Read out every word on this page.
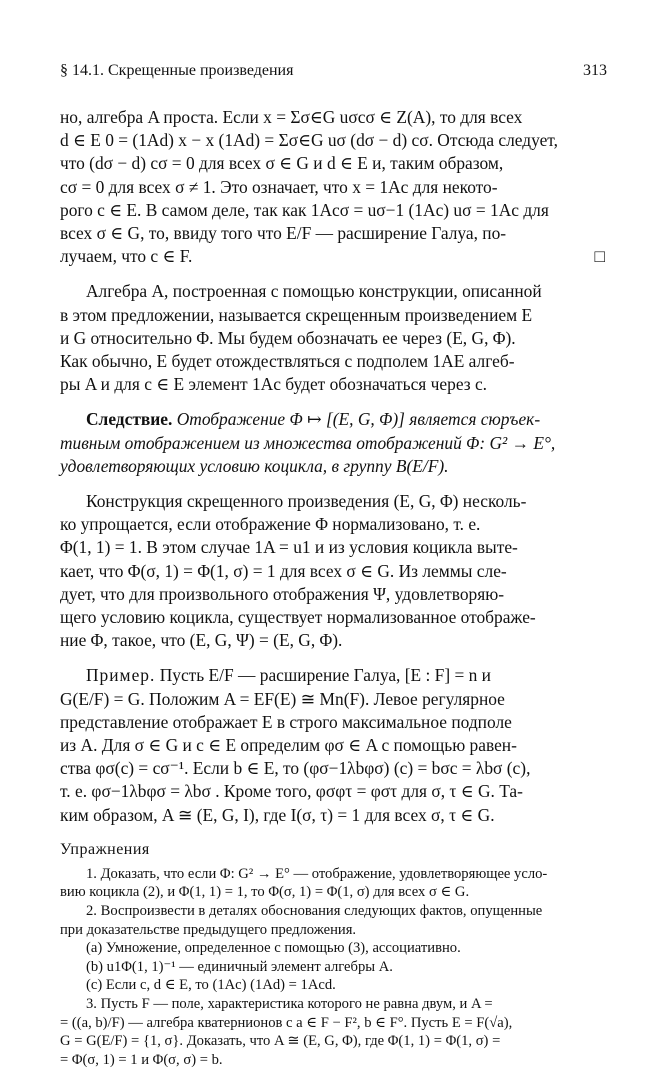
§ 14.1. Скрещенные произведения	313

но, алгебра A проста. Если x = Σσ∈G uσcσ ∈ Z(A), то для всех
d ∈ E 0 = (1Ad) x − x (1Ad) = Σσ∈G uσ (dσ − d) cσ. Отсюда следует,
что (dσ − d) cσ = 0 для всех σ ∈ G и d ∈ E и, таким образом,
cσ = 0 для всех σ ≠ 1. Это означает, что x = 1Ac для некото-
рого c ∈ E. В самом деле, так как 1Acσ = uσ−1 (1Ac) uσ = 1Ac для
всех σ ∈ G, то, ввиду того что E/F — расширение Галуа, по-
лучаем, что c ∈ F.	□

Алгебра A, построенная с помощью конструкции, описанной
в этом предложении, называется скрещенным произведением E
и G относительно Φ. Мы будем обозначать ее через (E, G, Φ).
Как обычно, E будет отождествляться с подполем 1AE алгеб-
ры A и для c ∈ E элемент 1Ac будет обозначаться через c.

Следствие. Отображение Φ ↦ [(E, G, Φ)] является сюръек-
тивным отображением из множества отображений Φ: G² → E°,
удовлетворяющих условию коцикла, в группу B(E/F).

Конструкция скрещенного произведения (E, G, Φ) несколь-
ко упрощается, если отображение Φ нормализовано, т. е.
Φ(1, 1) = 1. В этом случае 1A = u1 и из условия коцикла выте-
кает, что Φ(σ, 1) = Φ(1, σ) = 1 для всех σ ∈ G. Из леммы сле-
дует, что для произвольного отображения Ψ, удовлетворяю-
щего условию коцикла, существует нормализованное отображе-
ние Φ, такое, что (E, G, Ψ) = (E, G, Φ).

Пример. Пусть E/F — расширение Галуа, [E : F] = n и
G(E/F) = G. Положим A = EF(E) ≅ Mn(F). Левое регулярное
представление отображает E в строго максимальное подполе
из A. Для σ ∈ G и c ∈ E определим φσ ∈ A с помощью равен-
ства φσ(c) = cσ⁻¹. Если b ∈ E, то (φσ−1λbφσ) (c) = bσc = λbσ (c),
т. е. φσ−1λbφσ = λbσ . Кроме того, φσφτ = φστ для σ, τ ∈ G. Та-
ким образом, A ≅ (E, G, I), где I(σ, τ) = 1 для всех σ, τ ∈ G.

Упражнения

1. Доказать, что если Φ: G² → E° — отображение, удовлетворяющее усло-

вию коцикла (2), и Φ(1, 1) = 1, то Φ(σ, 1) = Φ(1, σ) для всех σ ∈ G.

2. Воспроизвести в деталях обоснования следующих фактов, опущенные

при доказательстве предыдущего предложения.

(a) Умножение, определенное с помощью (3), ассоциативно.

(b) u1Φ(1, 1)⁻¹ — единичный элемент алгебры A.

(c) Если c, d ∈ E, то (1Ac) (1Ad) = 1Acd.

3. Пусть F — поле, характеристика которого не равна двум, и A =

= ((a, b)/F) — алгебра кватернионов с a ∈ F − F², b ∈ F°. Пусть E = F(√a),

G = G(E/F) = {1, σ}. Доказать, что A ≅ (E, G, Φ), где Φ(1, 1) = Φ(1, σ) =

= Φ(σ, 1) = 1 и Φ(σ, σ) = b.
